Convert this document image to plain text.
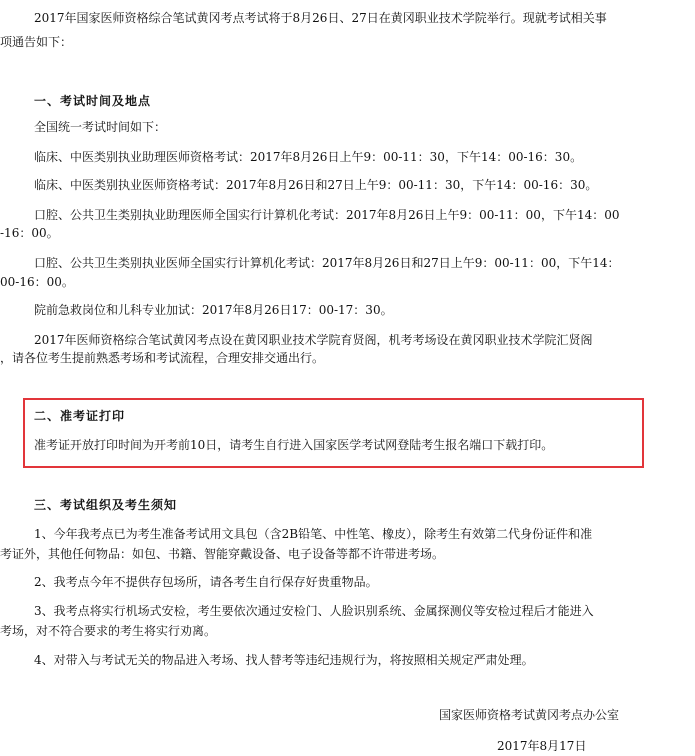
2017年国家医师资格综合笔试黄冈考点考试将于8月26日、27日在黄冈职业技术学院举行。现就考试相关事
项通告如下：
一、考试时间及地点
全国统一考试时间如下：
临床、中医类别执业助理医师资格考试：2017年8月26日上午9：00-11：30，下午14：00-16：30。
临床、中医类别执业医师资格考试：2017年8月26日和27日上午9：00-11：30，下午14：00-16：30。
口腔、公共卫生类别执业助理医师全国实行计算机化考试：2017年8月26日上午9：00-11：00，下午14：00
-16：00。
口腔、公共卫生类别执业医师全国实行计算机化考试：2017年8月26日和27日上午9：00-11：00，下午14：
00-16：00。
院前急救岗位和儿科专业加试：2017年8月26日17：00-17：30。
2017年医师资格综合笔试黄冈考点设在黄冈职业技术学院育贤阁，机考考场设在黄冈职业技术学院汇贤阁
，请各位考生提前熟悉考场和考试流程，合理安排交通出行。
二、准考证打印
准考证开放打印时间为开考前10日，请考生自行进入国家医学考试网登陆考生报名端口下载打印。
三、考试组织及考生须知
1、今年我考点已为考生准备考试用文具包（含2B铅笔、中性笔、橡皮），除考生有效第二代身份证件和准
考证外，其他任何物品：如包、书籍、智能穿戴设备、电子设备等都不许带进考场。
2、我考点今年不提供存包场所，请各考生自行保存好贵重物品。
3、我考点将实行机场式安检，考生要依次通过安检门、人脸识别系统、金属探测仪等安检过程后才能进入
考场，对不符合要求的考生将实行劝离。
4、对带入与考试无关的物品进入考场、找人替考等违纪违规行为，将按照相关规定严肃处理。
国家医师资格考试黄冈考点办公室
2017年8月17日
